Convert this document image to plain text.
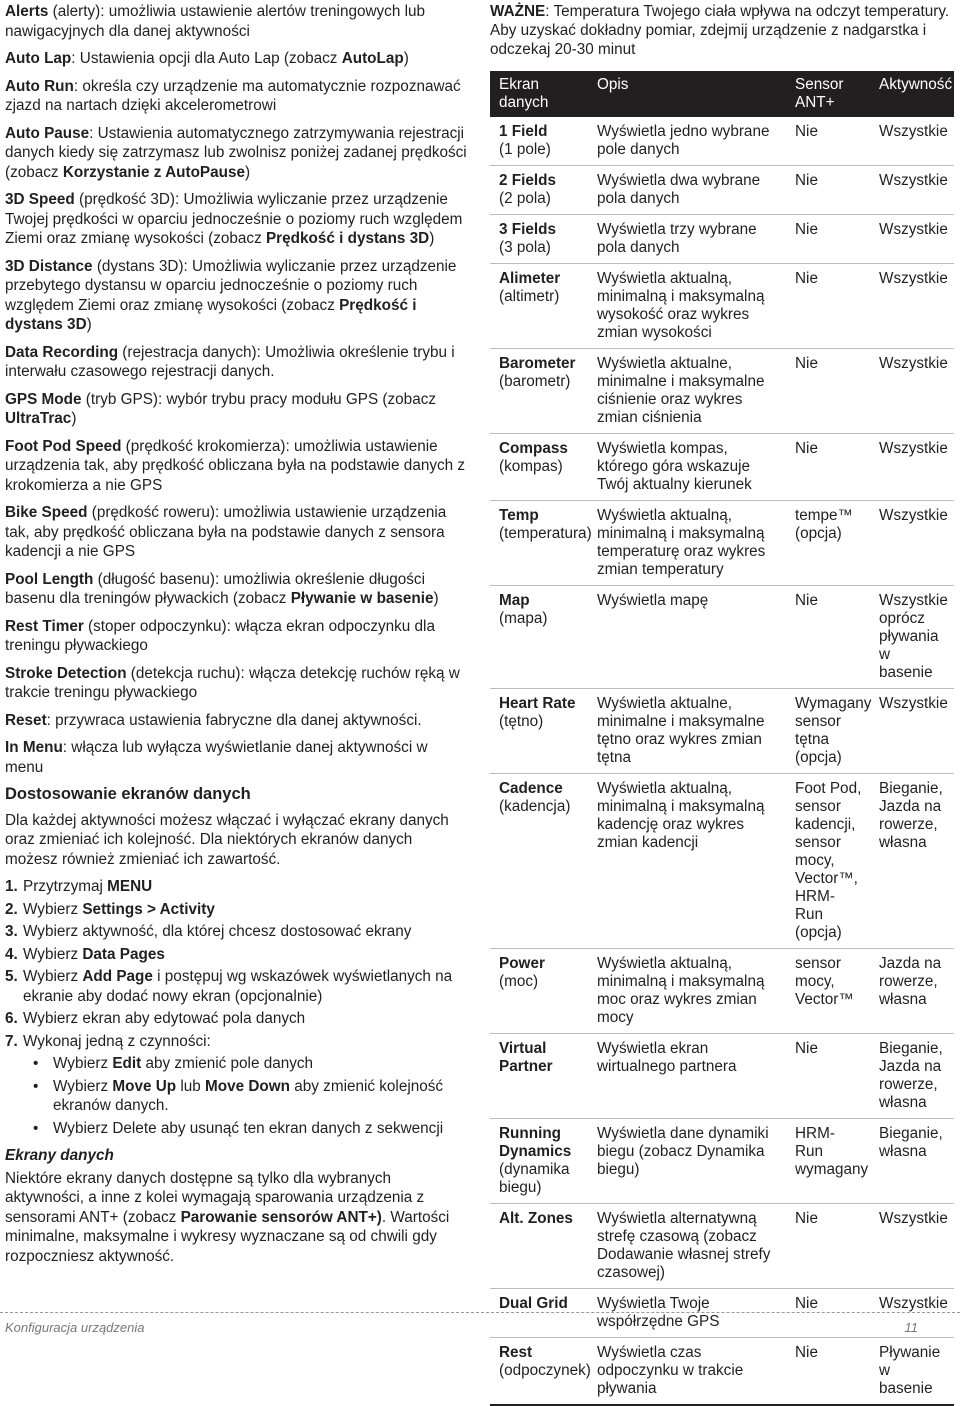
Alerts (alerty): umożliwia ustawienie alertów treningowych lub nawigacyjnych dla danej aktywności

Auto Lap: Ustawienia opcji dla Auto Lap (zobacz AutoLap)

Auto Run: określa czy urządzenie ma automatycznie rozpoznawać zjazd na nartach dzięki akcelerometrowi

Auto Pause: Ustawienia automatycznego zatrzymywania rejestracji danych kiedy się zatrzymasz lub zwolnisz poniżej zadanej prędkości (zobacz Korzystanie z AutoPause)

3D Speed (prędkość 3D): Umożliwia wyliczanie przez urządzenie Twojej prędkości w oparciu jednocześnie o poziomy ruch względem Ziemi oraz zmianę wysokości (zobacz Prędkość i dystans 3D)

3D Distance (dystans 3D): Umożliwia wyliczanie przez urządzenie przebytego dystansu w oparciu jednocześnie o poziomy ruch względem Ziemi oraz zmianę wysokości (zobacz Prędkość i dystans 3D)

Data Recording (rejestracja danych): Umożliwia określenie trybu i interwału czasowego rejestracji danych.

GPS Mode (tryb GPS): wybór trybu pracy modułu GPS (zobacz UltraTrac)

Foot Pod Speed (prędkość krokomierza): umożliwia ustawienie urządzenia tak, aby prędkość obliczana była na podstawie danych z krokomierza a nie GPS

Bike Speed (prędkość roweru): umożliwia ustawienie urządzenia tak, aby prędkość obliczana była na podstawie danych z sensora kadencji a nie GPS

Pool Length (długość basenu): umożliwia określenie długości basenu dla treningów pływackich (zobacz Pływanie w basenie)

Rest Timer (stoper odpoczynku): włącza ekran odpoczynku dla treningu pływackiego

Stroke Detection (detekcja ruchu): włącza detekcję ruchów ręką w trakcie treningu pływackiego

Reset: przywraca ustawienia fabryczne dla danej aktywności.

In Menu: włącza lub wyłącza wyświetlanie danej aktywności w menu

Dostosowanie ekranów danych

Dla każdej aktywności możesz włączać i wyłączać ekrany danych oraz zmieniać ich kolejność. Dla niektórych ekranów danych możesz również zmieniać ich zawartość.

1. Przytrzymaj MENU
2. Wybierz Settings > Activity
3. Wybierz aktywność, dla której chcesz dostosować ekrany
4. Wybierz Data Pages
5. Wybierz Add Page i postępuj wg wskazówek wyświetlanych na ekranie aby dodać nowy ekran (opcjonalnie)
6. Wybierz ekran aby edytować pola danych
7. Wykonaj jedną z czynności:
• Wybierz Edit aby zmienić pole danych
• Wybierz Move Up lub Move Down aby zmienić kolejność ekranów danych.
• Wybierz Delete aby usunąć ten ekran danych z sekwencji
Ekrany danych

Niektóre ekrany danych dostępne są tylko dla wybranych aktywności, a inne z kolei wymagają sparowania urządzenia z sensorami ANT+ (zobacz Parowanie sensorów ANT+). Wartości minimalne, maksymalne i wykresy wyznaczane są od chwili gdy rozpoczniesz aktywność.

WAŻNE: Temperatura Twojego ciała wpływa na odczyt temperatury. Aby uzyskać dokładny pomiar, zdejmij urządzenie z nadgarstka i odczekaj 20-30 minut

Ekran danych	Opis	Sensor ANT+	Aktywność

1 Field
(1 pole)	Wyświetla jedno wybrane pole danych	Nie	Wszystkie

2 Fields
(2 pola)	Wyświetla dwa wybrane pola danych	Nie	Wszystkie

3 Fields
(3 pola)	Wyświetla trzy wybrane pola danych	Nie	Wszystkie

Alimeter
(altimetr)	Wyświetla aktualną, minimalną i maksymalną wysokość oraz wykres zmian wysokości	Nie	Wszystkie

Barometer
(barometr)	Wyświetla aktualne, minimalne i maksymalne ciśnienie oraz wykres zmian ciśnienia	Nie	Wszystkie

Compass
(kompas)	Wyświetla kompas, którego góra wskazuje Twój aktualny kierunek	Nie	Wszystkie

Temp
(temperatura)	Wyświetla aktualną, minimalną i maksymalną temperaturę oraz wykres zmian temperatury	tempe™ (opcja)	Wszystkie

Map
(mapa)	Wyświetla mapę	Nie	Wszystkie oprócz pływania w basenie

Heart Rate
(tętno)	Wyświetla aktualne, minimalne i maksymalne tętno oraz wykres zmian tętna	Wymagany sensor tętna (opcja)	Wszystkie

Cadence
(kadencja)	Wyświetla aktualną, minimalną i maksymalną kadencję oraz wykres zmian kadencji	Foot Pod, sensor kadencji, sensor mocy, Vector™, HRM-Run (opcja)	Bieganie, Jazda na rowerze, własna

Power
(moc)	Wyświetla aktualną, minimalną i maksymalną moc oraz wykres zmian mocy	sensor mocy, Vector™	Jazda na rowerze, własna

Virtual Partner	Wyświetla ekran wirtualnego partnera	Nie	Bieganie, Jazda na rowerze, własna

Running Dynamics
(dynamika biegu)	Wyświetla dane dynamiki biegu (zobacz Dynamika biegu)	HRM-Run wymagany	Bieganie, własna

Alt. Zones	Wyświetla alternatywną strefę czasową (zobacz Dodawanie własnej strefy czasowej)	Nie	Wszystkie

Dual Grid	Wyświetla Twoje współrzędne GPS	Nie	Wszystkie

Rest
(odpoczynek)	Wyświetla czas odpoczynku w trakcie pływania	Nie	Pływanie w basenie
Konfiguracja urządzenia	11
